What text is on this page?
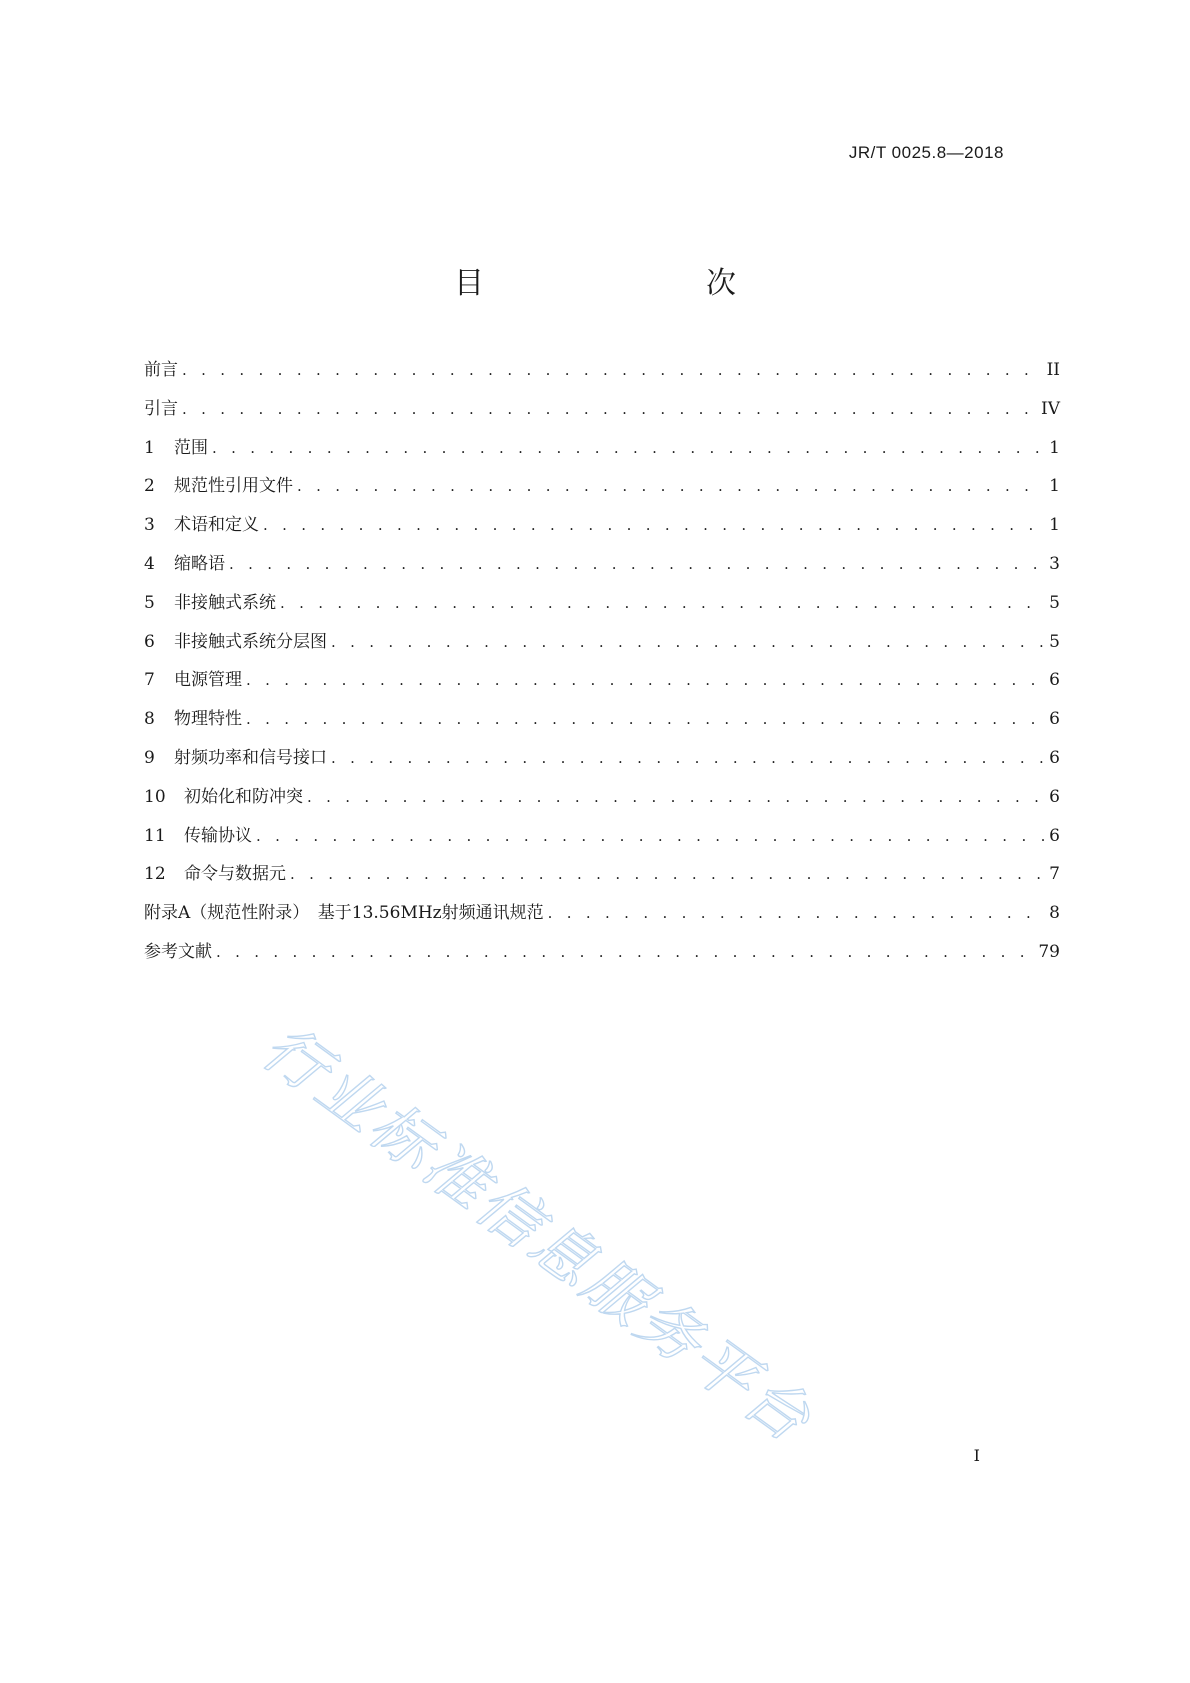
JR/T 0025.8—2018
目　　次
前言 . . .	II
引言 . . .	IV
1	范围 . . .	1
2	规范性引用文件 . . .	1
3	术语和定义 . . .	1
4	缩略语 . . .	3
5	非接触式系统 . . .	5
6	非接触式系统分层图 . . .	5
7	电源管理 . . .	6
8	物理特性 . . .	6
9	射频功率和信号接口 . . .	6
10	初始化和防冲突 . . .	6
11	传输协议 . . .	6
12	命令与数据元 . . .	7
附录A（规范性附录）　基于13.56MHz射频通讯规范 . . .	8
参考文献 . . .	79
行业标准信息服务平台	I
